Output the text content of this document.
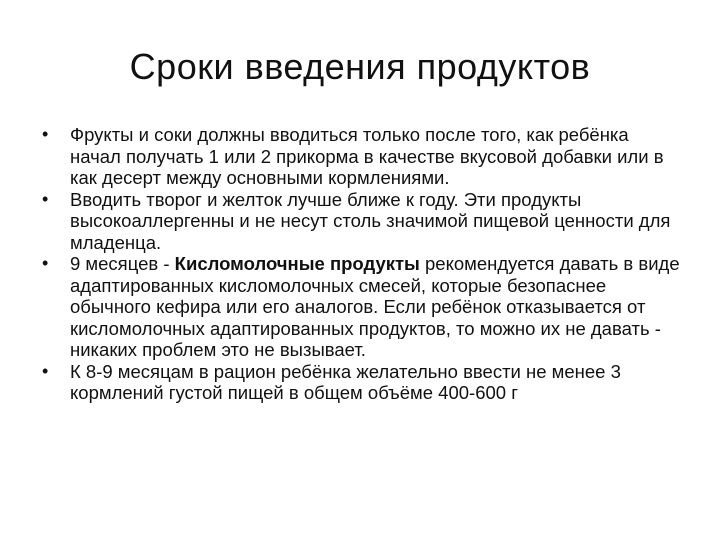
Сроки введения продуктов
•	Фрукты и соки должны вводиться только после того, как ребёнка начал получать 1 или 2 прикорма в качестве вкусовой добавки или в как десерт между основными кормлениями.
•	Вводить творог и желток лучше ближе к году. Эти продукты высокоаллергенны и не несут столь значимой пищевой ценности для младенца.
•	9 месяцев - Кисломолочные продукты рекомендуется давать в виде адаптированных кисломолочных смесей, которые безопаснее обычного кефира или его аналогов. Если ребёнок отказывается от кисломолочных адаптированных продуктов, то можно их не давать - никаких проблем это не вызывает.
•	К 8-9 месяцам в рацион ребёнка желательно ввести не менее 3 кормлений густой пищей в общем объёме 400-600 г
